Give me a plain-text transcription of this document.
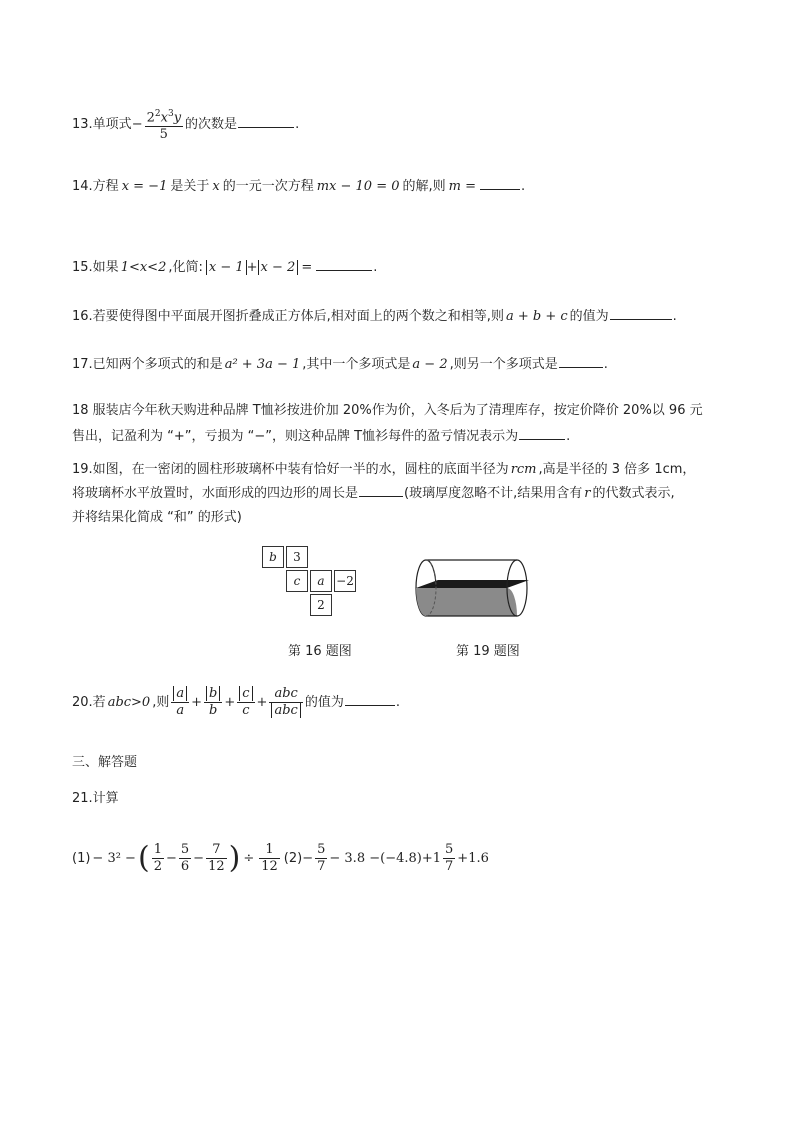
13.单项式− $\frac{2^2x^3y}{5}$ 的次数是	.
14.方程 x = −1 是关于 x 的一元一次方程 mx − 10 = 0 的解,则 m =	.
15.如果 1<x<2 ,化简: x − 1 + x − 2 =	.
16.若要使得图中平面展开图折叠成正方体后,相对面上的两个数之和相等,则 a + b + c 的值为	.
17.已知两个多项式的和是 a² + 3a − 1 ,其中一个多项式是 a − 2 ,则另一个多项式是	.
18 服装店今年秋天购进种品牌 T恤衫按进价加 20%作为价，入冬后为了清理库存，按定价降价 20%以 96 元
售出，记盈利为 “+”，亏损为 “−”，则这种品牌 T恤衫每件的盈亏情况表示为	.
19.如图，在一密闭的圆柱形玻璃杯中装有恰好一半的水，圆柱的底面半径为 rcm ,高是半径的 3 倍多 1cm，
将玻璃杯水平放置时，水面形成的四边形的周长是	(玻璃厚度忽略不计,结果用含有 r 的代数式表示,
并将结果化简成 “和” 的形式)
b	3
c	a −2
2
第 16 题图	第 19 题图
20.若 abc>0 ,则 $\frac{a}{a} + \frac{b}{b} + \frac{c}{c} + \frac{\text{abc}}{\text{abc}}$ 的值为	.
三、解答题
21.计算
(1) − 3² −( $\frac{1}{2} - \frac{5}{6} - \frac{7}{12}$ ) ÷ $\frac{1}{12} (2)- \frac{5}{7} - 3.8 -(-4.8)+1 \frac{5}{7} +1.6$
